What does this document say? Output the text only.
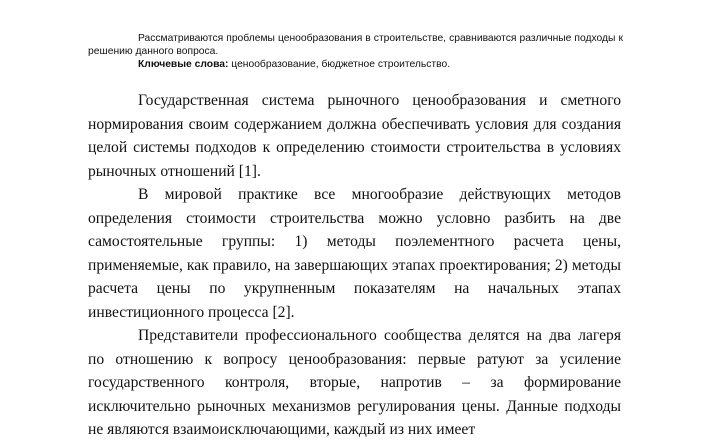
Рассматриваются проблемы ценообразования в строительстве, сравниваются различные подходы к решению данного вопроса.

Ключевые слова: ценообразование, бюджетное строительство.

Государственная система рыночного ценообразования и сметного нормирования своим содержанием должна обеспечивать условия для создания целой системы подходов к определению стоимости строительства в условиях рыночных отношений [1].

В мировой практике все многообразие действующих методов определения стоимости строительства можно условно разбить на две самостоятельные группы: 1) методы поэлементного расчета цены, применяемые, как правило, на завершающих этапах проектирования; 2) методы расчета цены по укрупненным показателям на начальных этапах инвестиционного процесса [2].

Представители профессионального сообщества делятся на два лагеря по отношению к вопросу ценообразования: первые ратуют за усиление государственного контроля, вторые, напротив – за формирование исключительно рыночных механизмов регулирования цены. Данные подходы не являются взаимоисключающими, каждый из них имеет
